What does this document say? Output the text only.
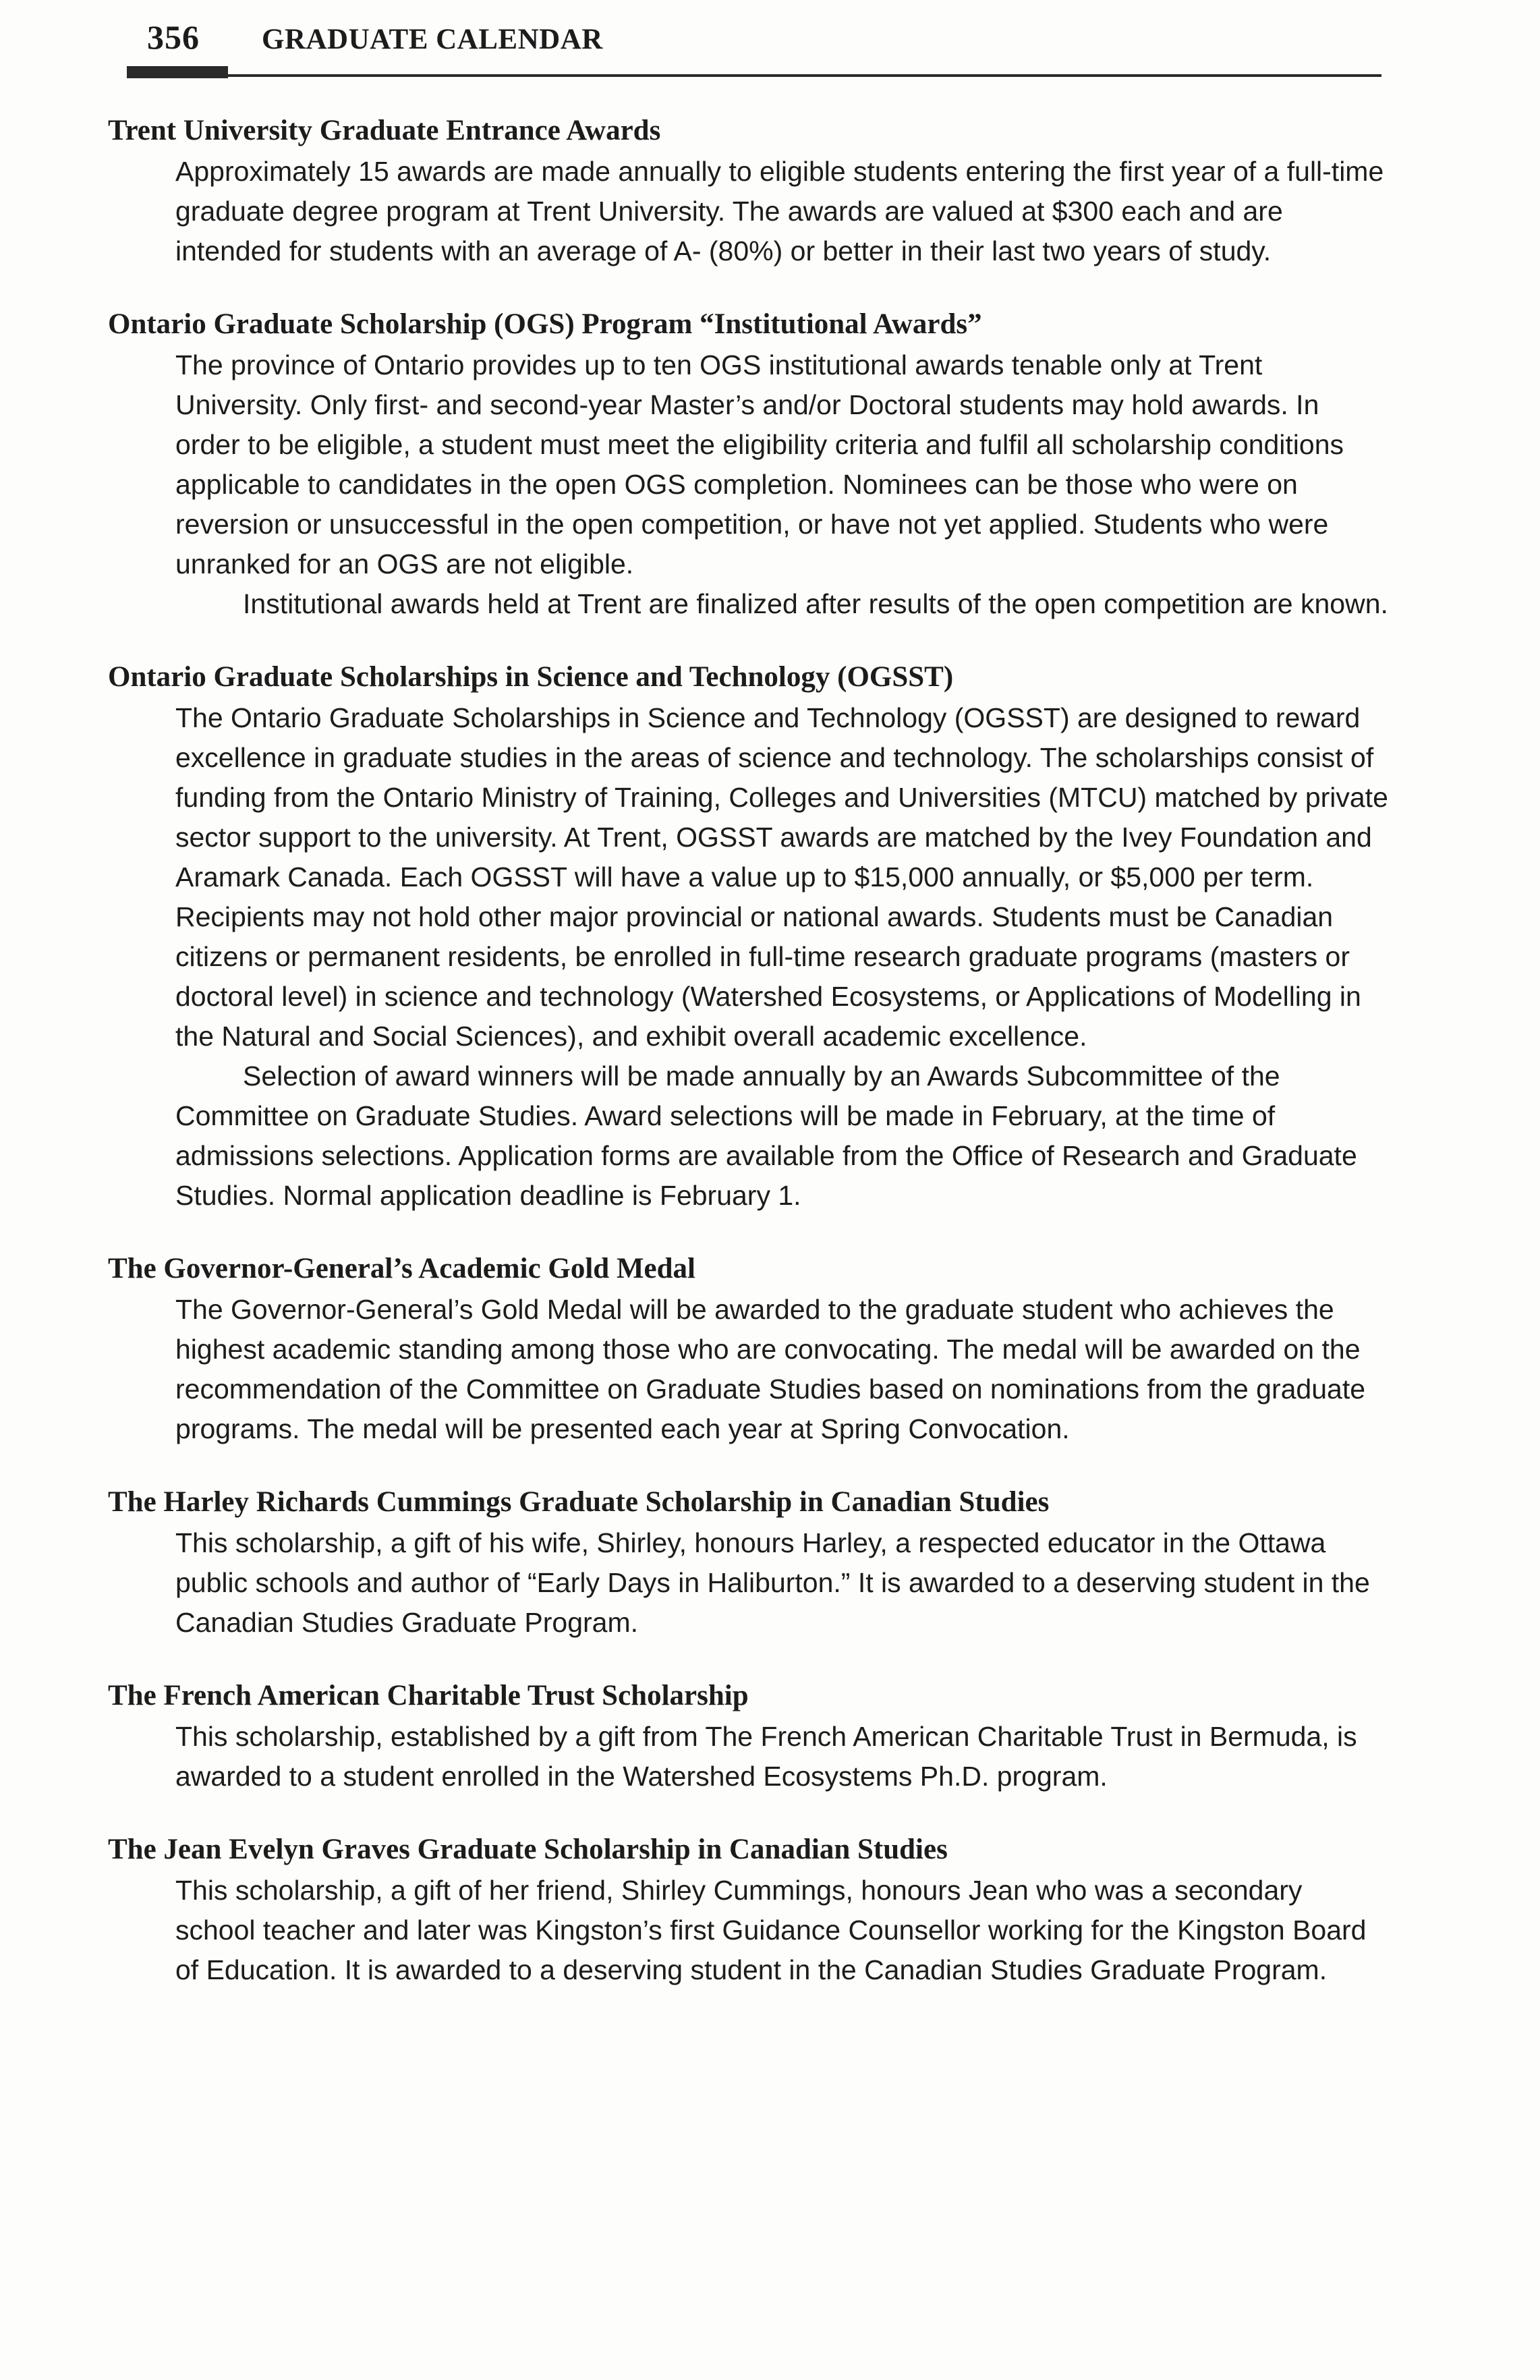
356 GRADUATE CALENDAR
Trent University Graduate Entrance Awards

Approximately 15 awards are made annually to eligible students entering the first year of a full-time graduate degree program at Trent University. The awards are valued at $300 each and are intended for students with an average of A- (80%) or better in their last two years of study.

Ontario Graduate Scholarship (OGS) Program “Institutional Awards”

The province of Ontario provides up to ten OGS institutional awards tenable only at Trent University. Only first- and second-year Master’s and/or Doctoral students may hold awards. In order to be eligible, a student must meet the eligibility criteria and fulfil all scholarship conditions applicable to candidates in the open OGS completion. Nominees can be those who were on reversion or unsuccessful in the open competition, or have not yet applied. Students who were unranked for an OGS are not eligible.

Institutional awards held at Trent are finalized after results of the open competition are known.

Ontario Graduate Scholarships in Science and Technology (OGSST)

The Ontario Graduate Scholarships in Science and Technology (OGSST) are designed to reward excellence in graduate studies in the areas of science and technology. The scholarships consist of funding from the Ontario Ministry of Training, Colleges and Universities (MTCU) matched by private sector support to the university. At Trent, OGSST awards are matched by the Ivey Foundation and Aramark Canada. Each OGSST will have a value up to $15,000 annually, or $5,000 per term. Recipients may not hold other major provincial or national awards. Students must be Canadian citizens or permanent residents, be enrolled in full-time research graduate programs (masters or doctoral level) in science and technology (Watershed Ecosystems, or Applications of Modelling in the Natural and Social Sciences), and exhibit overall academic excellence.

Selection of award winners will be made annually by an Awards Subcommittee of the Committee on Graduate Studies. Award selections will be made in February, at the time of admissions selections. Application forms are available from the Office of Research and Graduate Studies. Normal application deadline is February 1.

The Governor-General’s Academic Gold Medal

The Governor-General’s Gold Medal will be awarded to the graduate student who achieves the highest academic standing among those who are convocating. The medal will be awarded on the recommendation of the Committee on Graduate Studies based on nominations from the graduate programs. The medal will be presented each year at Spring Convocation.

The Harley Richards Cummings Graduate Scholarship in Canadian Studies

This scholarship, a gift of his wife, Shirley, honours Harley, a respected educator in the Ottawa public schools and author of “Early Days in Haliburton.” It is awarded to a deserving student in the Canadian Studies Graduate Program.

The French American Charitable Trust Scholarship

This scholarship, established by a gift from The French American Charitable Trust in Bermuda, is awarded to a student enrolled in the Watershed Ecosystems Ph.D. program.

The Jean Evelyn Graves Graduate Scholarship in Canadian Studies

This scholarship, a gift of her friend, Shirley Cummings, honours Jean who was a secondary school teacher and later was Kingston’s first Guidance Counsellor working for the Kingston Board of Education. It is awarded to a deserving student in the Canadian Studies Graduate Program.
